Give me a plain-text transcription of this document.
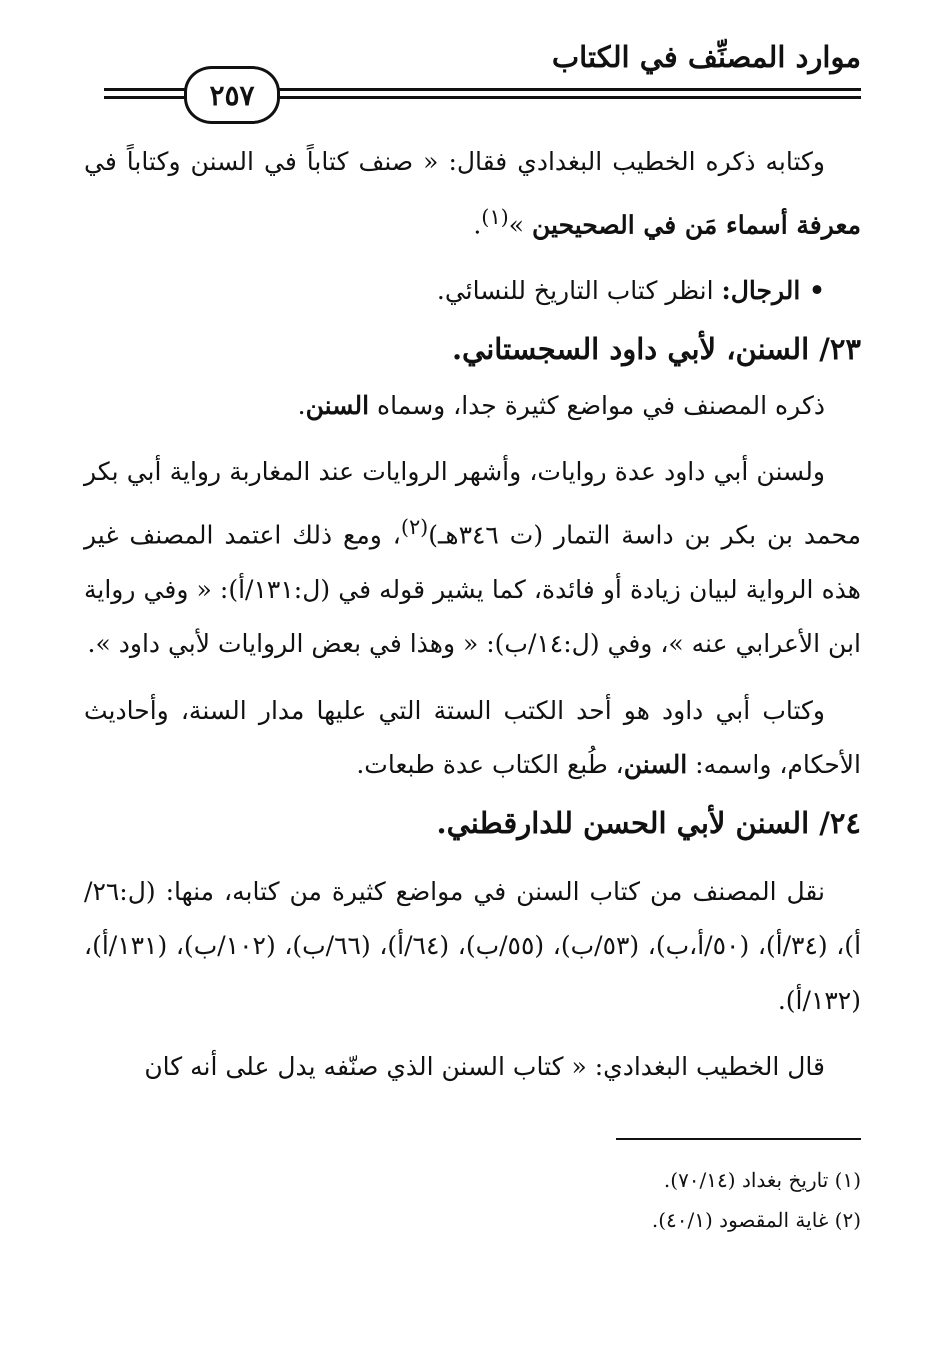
موارد المصنِّف في الكتاب
٢٥٧

وكتابه ذكره الخطيب البغدادي فقال: « صنف كتاباً في السنن وكتاباً في معرفة أسماء مَن في الصحيحين »$^{(١)}$.

• الرجال: انظر كتاب التاريخ للنسائي.

٢٣/ السنن، لأبي داود السجستاني.

ذكره المصنف في مواضع كثيرة جدا، وسماه السنن.

ولسنن أبي داود عدة روايات، وأشهر الروايات عند المغاربة رواية أبي بكر محمد بن بكر بن داسة التمار (ت ٣٤٦هـ)$^{(٢)}$، ومع ذلك اعتمد المصنف غير هذه الرواية لبيان زيادة أو فائدة، كما يشير قوله في (ل:١٣١/أ): « وفي رواية ابن الأعرابي عنه »، وفي (ل:١٤/ب): « وهذا في بعض الروايات لأبي داود ».

وكتاب أبي داود هو أحد الكتب الستة التي عليها مدار السنة، وأحاديث الأحكام، واسمه: السنن، طُبع الكتاب عدة طبعات.

٢٤/ السنن لأبي الحسن للدارقطني.

نقل المصنف من كتاب السنن في مواضع كثيرة من كتابه، منها: (ل:٢٦/أ)، (٣٤/أ)، (٥٠/أ،ب)، (٥٣/ب)، (٥٥/ب)، (٦٤/أ)، (٦٦/ب)، (١٠٢/ب)، (١٣١/أ)، (١٣٢/أ).

قال الخطيب البغدادي: « كتاب السنن الذي صنّفه يدل على أنه كان

(١) تاريخ بغداد (٧٠/١٤).

(٢) غاية المقصود (٤٠/١).
